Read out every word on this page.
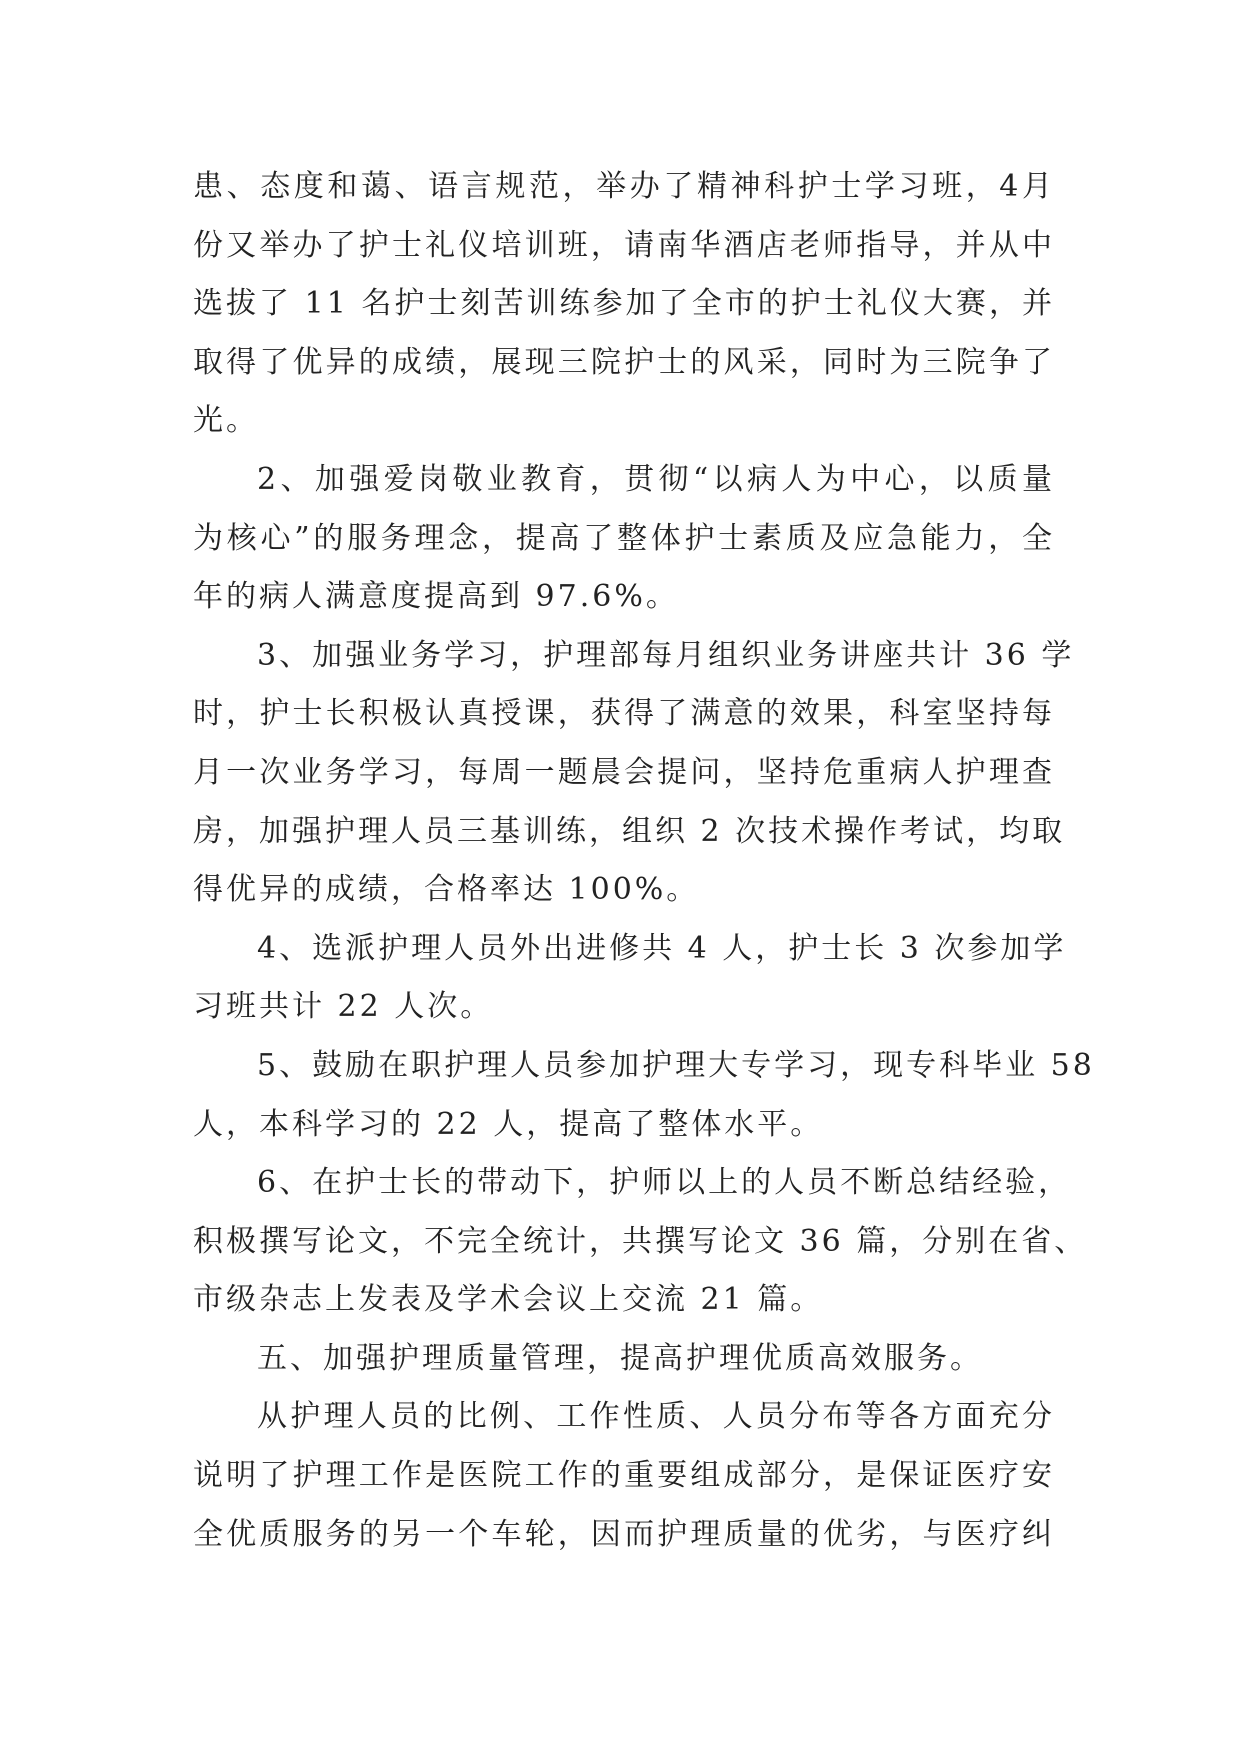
患、态度和蔼、语言规范，举办了精神科护士学习班，4月
份又举办了护士礼仪培训班，请南华酒店老师指导，并从中
选拔了 11 名护士刻苦训练参加了全市的护士礼仪大赛，并
取得了优异的成绩，展现三院护士的风采，同时为三院争了
光。
2、加强爱岗敬业教育，贯彻“以病人为中心，以质量
为核心”的服务理念，提高了整体护士素质及应急能力，全
年的病人满意度提高到 97.6%。
3、加强业务学习，护理部每月组织业务讲座共计 36 学
时，护士长积极认真授课，获得了满意的效果，科室坚持每
月一次业务学习，每周一题晨会提问，坚持危重病人护理查
房，加强护理人员三基训练，组织 2 次技术操作考试，均取
得优异的成绩，合格率达 100%。
4、选派护理人员外出进修共 4 人，护士长 3 次参加学
习班共计 22 人次。
5、鼓励在职护理人员参加护理大专学习，现专科毕业 58
人，本科学习的 22 人，提高了整体水平。
6、在护士长的带动下，护师以上的人员不断总结经验，
积极撰写论文，不完全统计，共撰写论文 36 篇，分别在省、
市级杂志上发表及学术会议上交流 21 篇。
五、加强护理质量管理，提高护理优质高效服务。
从护理人员的比例、工作性质、人员分布等各方面充分
说明了护理工作是医院工作的重要组成部分，是保证医疗安
全优质服务的另一个车轮，因而护理质量的优劣，与医疗纠
